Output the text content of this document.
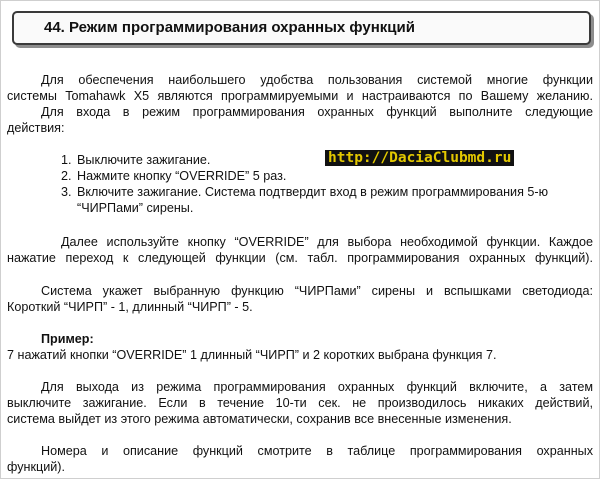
44. Режим программирования охранных функций
Для обеспечения наибольшего удобства пользования системой многие функции
системы Tomahawk X5 являются программируемыми и настраиваются по Вашему желанию.
Для входа в режим программирования охранных функций выполните следующие
действия:
1. Выключите зажигание.
2. Нажмите кнопку “OVERRIDE” 5 раз.
3. Включите зажигание. Система подтвердит вход в режим программирования 5-ю
“ЧИРПами” сирены.
http://DaciaClubmd.ru
Далее используйте кнопку “OVERRIDE” для выбора необходимой функции. Каждое
нажатие переход к следующей функции (см. табл. программирования охранных функций).
Система укажет выбранную функцию “ЧИРПами” сирены и вспышками светодиода:
Короткий “ЧИРП” - 1, длинный “ЧИРП” - 5.
Пример:
7 нажатий кнопки “OVERRIDE” 1 длинный “ЧИРП” и 2 коротких выбрана функция 7.
Для выхода из режима программирования охранных функций включите, а затем
выключите зажигание. Если в течение 10-ти сек. не производилось никаких действий,
система выйдет из этого режима автоматически, сохранив все внесенные изменения.
Номера и описание функций смотрите в таблице программирования охранных
функций).
